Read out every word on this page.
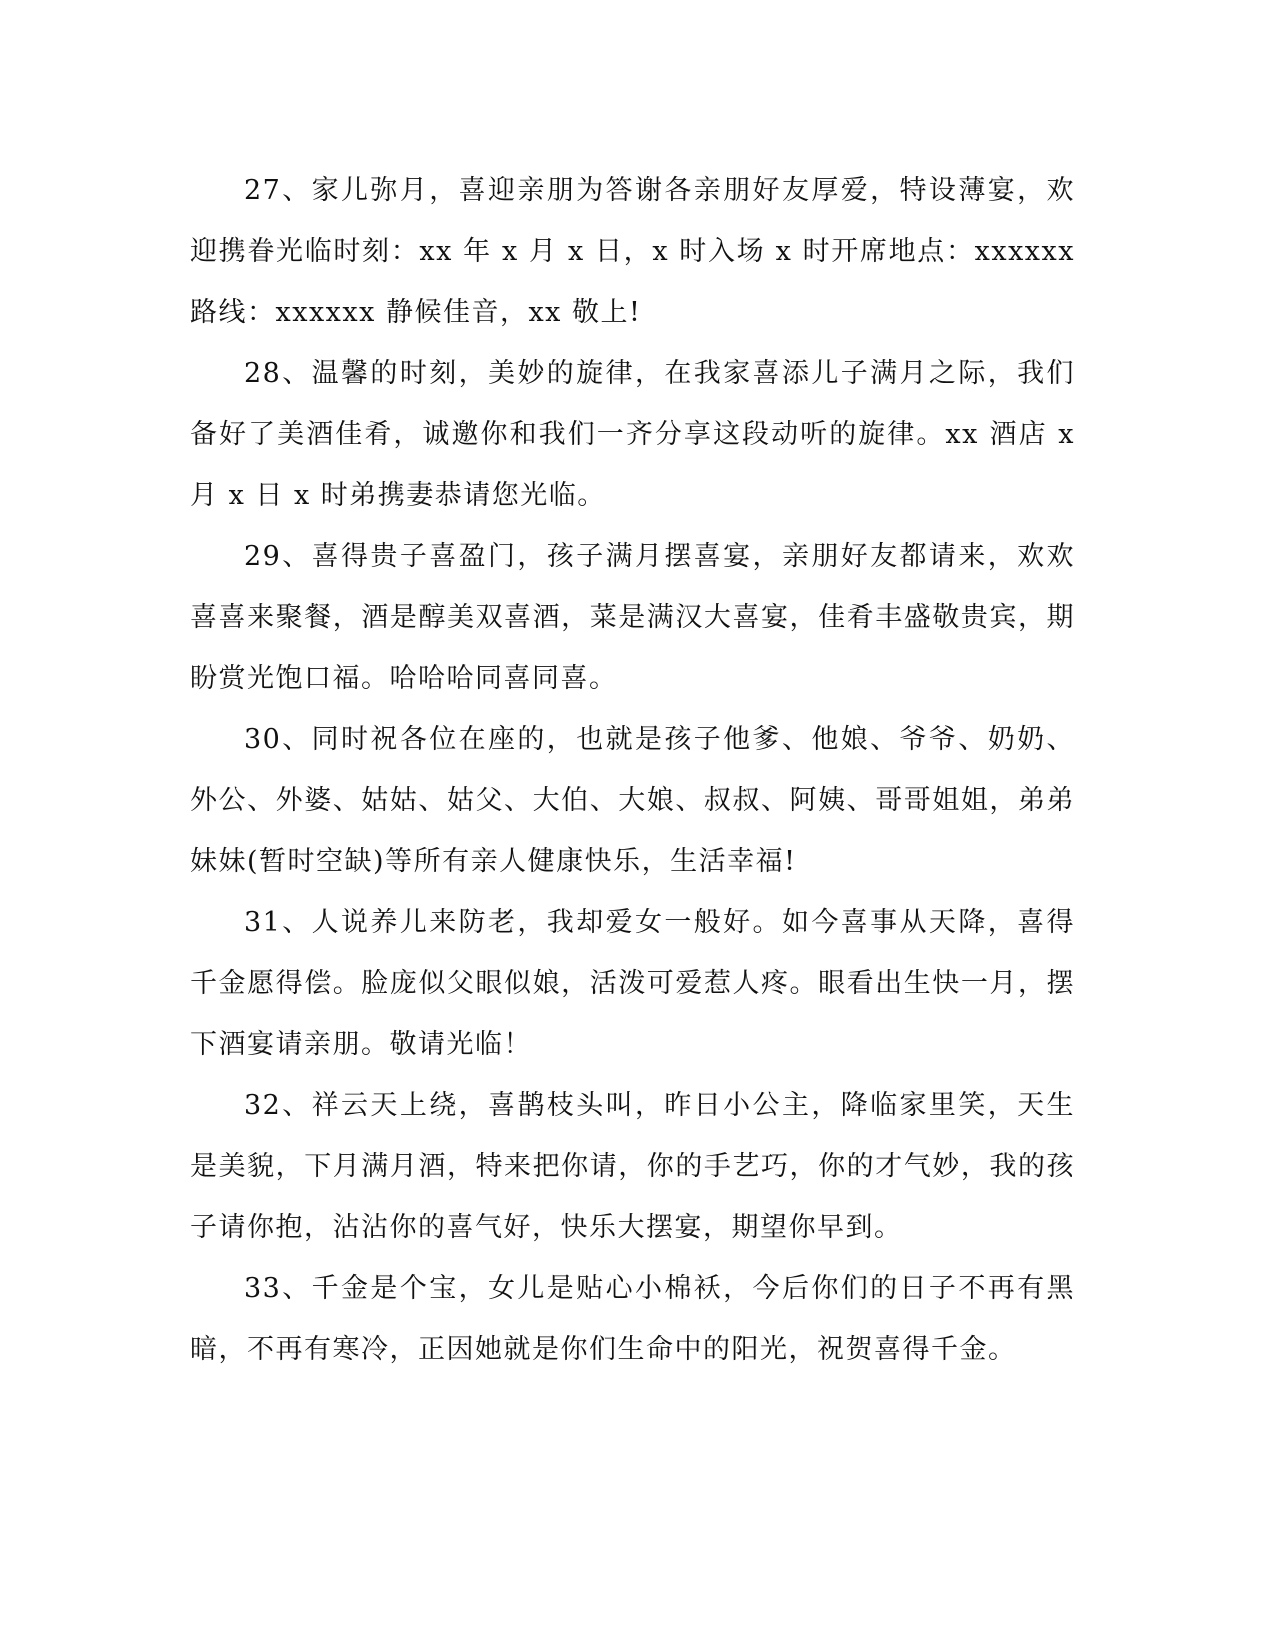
27、家儿弥月，喜迎亲朋为答谢各亲朋好友厚爱，特设薄宴，欢迎携眷光临时刻：xx 年 x 月 x 日，x 时入场 x 时开席地点：xxxxxx 路线：xxxxxx 静候佳音，xx 敬上!

28、温馨的时刻，美妙的旋律，在我家喜添儿子满月之际，我们备好了美酒佳肴，诚邀你和我们一齐分享这段动听的旋律。xx 酒店 x 月 x 日 x 时弟携妻恭请您光临。

29、喜得贵子喜盈门，孩子满月摆喜宴，亲朋好友都请来，欢欢喜喜来聚餐，酒是醇美双喜酒，菜是满汉大喜宴，佳肴丰盛敬贵宾，期盼赏光饱口福。哈哈哈同喜同喜。

30、同时祝各位在座的，也就是孩子他爹、他娘、爷爷、奶奶、外公、外婆、姑姑、姑父、大伯、大娘、叔叔、阿姨、哥哥姐姐，弟弟妹妹(暂时空缺)等所有亲人健康快乐，生活幸福!

31、人说养儿来防老，我却爱女一般好。如今喜事从天降，喜得千金愿得偿。脸庞似父眼似娘，活泼可爱惹人疼。眼看出生快一月，摆下酒宴请亲朋。敬请光临！

32、祥云天上绕，喜鹊枝头叫，昨日小公主，降临家里笑，天生是美貌，下月满月酒，特来把你请，你的手艺巧，你的才气妙，我的孩子请你抱，沾沾你的喜气好，快乐大摆宴，期望你早到。

33、千金是个宝，女儿是贴心小棉袄，今后你们的日子不再有黑暗，不再有寒冷，正因她就是你们生命中的阳光，祝贺喜得千金。
